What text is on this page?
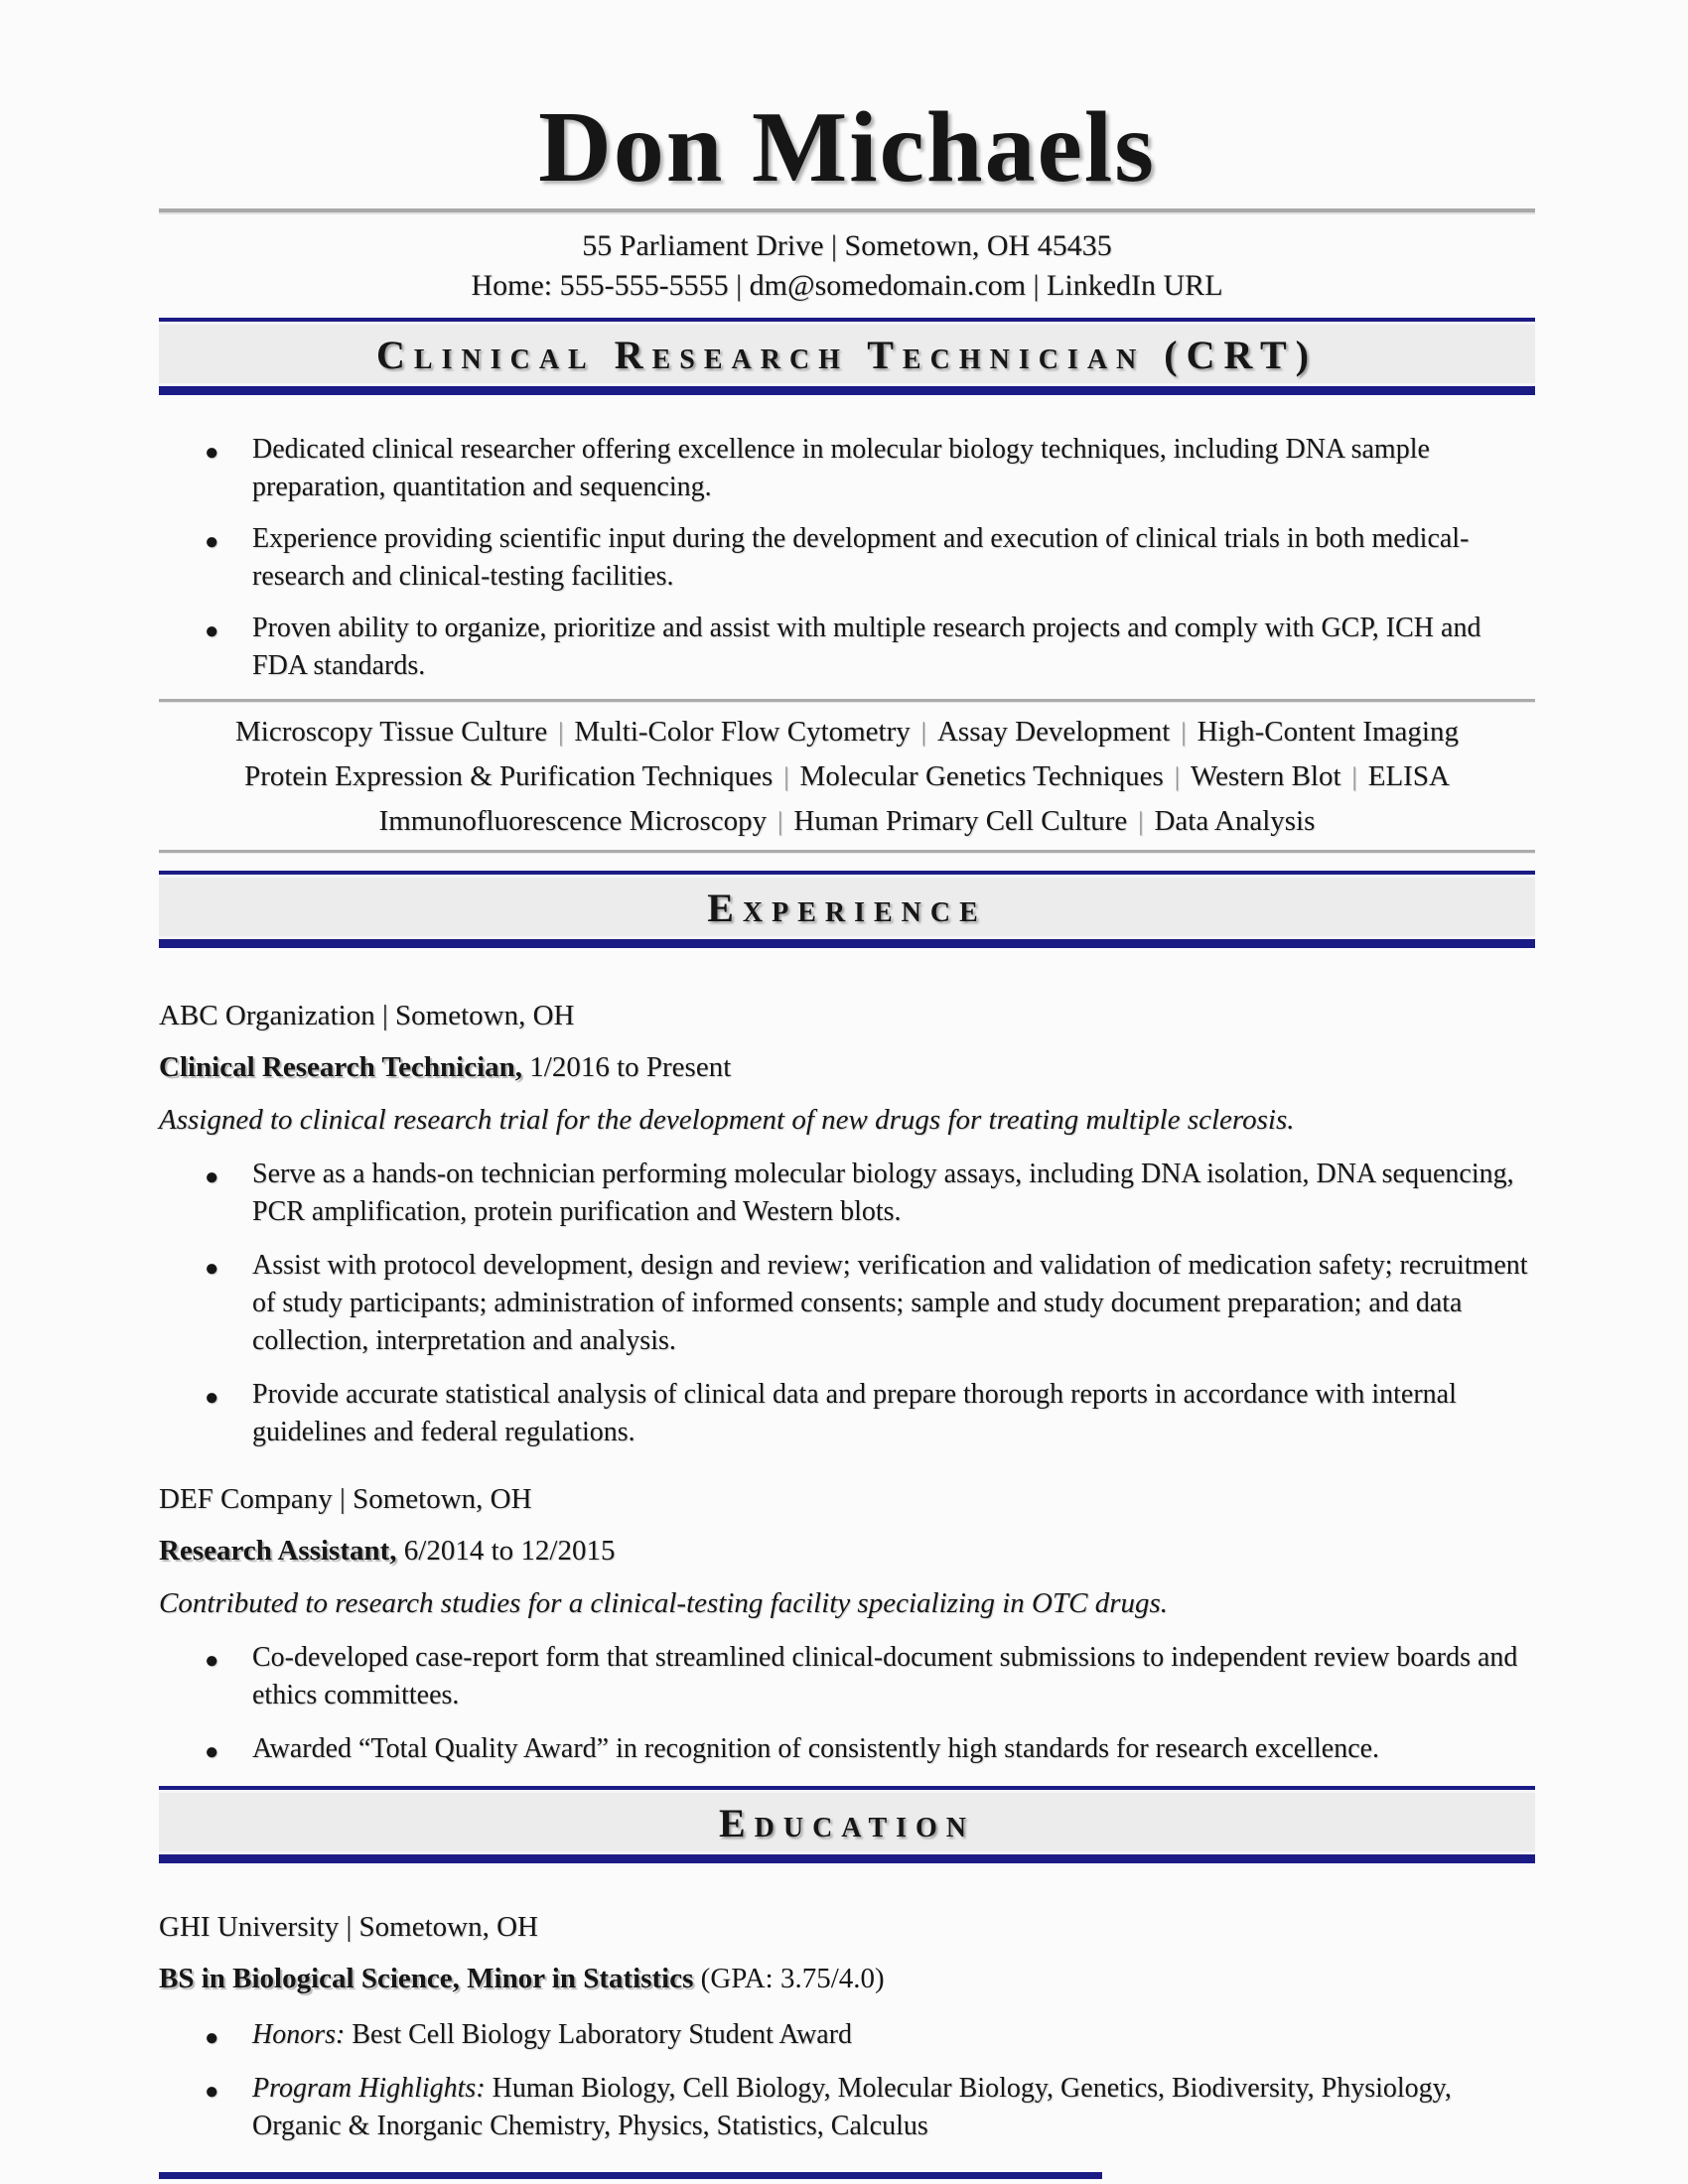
Don Michaels
55 Parliament Drive | Sometown, OH 45435
Home: 555-555-5555 | dm@somedomain.com | LinkedIn URL
Clinical Research Technician (CRT)
● Dedicated clinical researcher offering excellence in molecular biology techniques, including DNA sample preparation, quantitation and sequencing.
● Experience providing scientific input during the development and execution of clinical trials in both medical-research and clinical-testing facilities.
● Proven ability to organize, prioritize and assist with multiple research projects and comply with GCP, ICH and FDA standards.
Microscopy Tissue Culture | Multi-Color Flow Cytometry | Assay Development | High-Content Imaging
Protein Expression & Purification Techniques | Molecular Genetics Techniques | Western Blot | ELISA
Immunofluorescence Microscopy | Human Primary Cell Culture | Data Analysis
Experience
ABC Organization | Sometown, OH
Clinical Research Technician, 1/2016 to Present
Assigned to clinical research trial for the development of new drugs for treating multiple sclerosis.
● Serve as a hands-on technician performing molecular biology assays, including DNA isolation, DNA sequencing, PCR amplification, protein purification and Western blots.
● Assist with protocol development, design and review; verification and validation of medication safety; recruitment of study participants; administration of informed consents; sample and study document preparation; and data collection, interpretation and analysis.
● Provide accurate statistical analysis of clinical data and prepare thorough reports in accordance with internal guidelines and federal regulations.
DEF Company | Sometown, OH
Research Assistant, 6/2014 to 12/2015
Contributed to research studies for a clinical-testing facility specializing in OTC drugs.
● Co-developed case-report form that streamlined clinical-document submissions to independent review boards and ethics committees.
● Awarded “Total Quality Award” in recognition of consistently high standards for research excellence.
Education
GHI University | Sometown, OH
BS in Biological Science, Minor in Statistics (GPA: 3.75/4.0)
● Honors: Best Cell Biology Laboratory Student Award
● Program Highlights: Human Biology, Cell Biology, Molecular Biology, Genetics, Biodiversity, Physiology, Organic & Inorganic Chemistry, Physics, Statistics, Calculus
